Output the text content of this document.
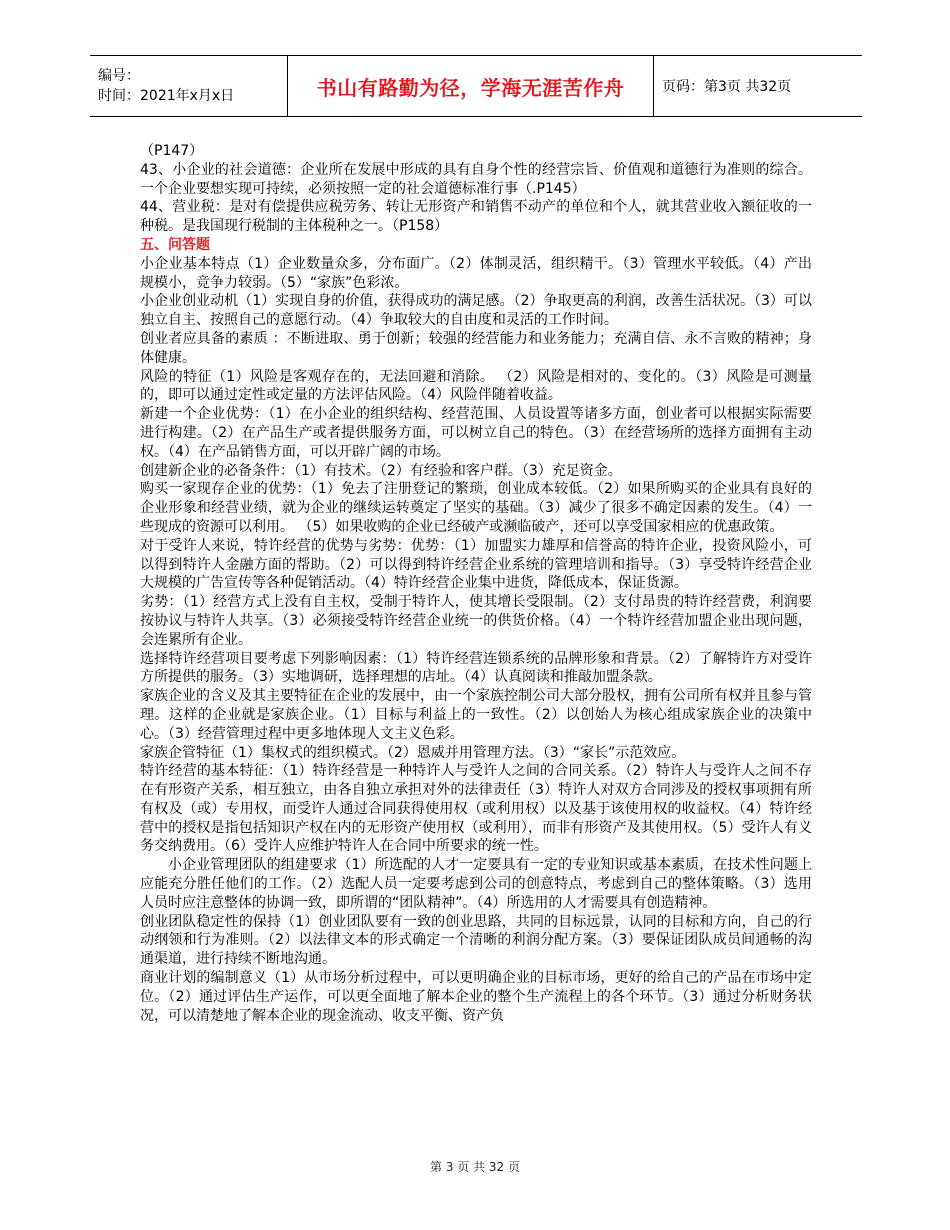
编号：
时间：2021年x月x日	书山有路勤为径，学海无涯苦作舟	页码：第3页 共32页

（P147）

43、小企业的社会道德：企业所在发展中形成的具有自身个性的经营宗旨、价值观和道德行为准则的综合。一个企业要想实现可持续，必须按照一定的社会道德标准行事（.P145）

44、营业税：是对有偿提供应税劳务、转让无形资产和销售不动产的单位和个人，就其营业收入额征收的一种税。是我国现行税制的主体税种之一。（P158）

五、问答题

小企业基本特点（1）企业数量众多，分布面广。（2）体制灵活，组织精干。（3）管理水平较低。（4）产出规模小，竞争力较弱。（5）“家族”色彩浓。

小企业创业动机（1）实现自身的价值，获得成功的满足感。（2）争取更高的利润，改善生活状况。（3）可以独立自主、按照自己的意愿行动。（4）争取较大的自由度和灵活的工作时间。

创业者应具备的素质 ：不断进取、勇于创新；较强的经营能力和业务能力；充满自信、永不言败的精神；身体健康。

风险的特征（1）风险是客观存在的，无法回避和消除。 （2）风险是相对的、变化的。（3）风险是可测量的，即可以通过定性或定量的方法评估风险。（4）风险伴随着收益。

新建一个企业优势：（1）在小企业的组织结构、经营范围、人员设置等诸多方面，创业者可以根据实际需要进行构建。（2）在产品生产或者提供服务方面，可以树立自己的特色。（3）在经营场所的选择方面拥有主动权。（4）在产品销售方面，可以开辟广阔的市场。

创建新企业的必备条件：（1）有技术。（2）有经验和客户群。（3）充足资金。

购买一家现存企业的优势：（1）免去了注册登记的繁琐，创业成本较低。（2）如果所购买的企业具有良好的企业形象和经营业绩，就为企业的继续运转奠定了坚实的基础。（3）减少了很多不确定因素的发生。（4）一些现成的资源可以利用。 （5）如果收购的企业已经破产或濒临破产，还可以享受国家相应的优惠政策。

对于受许人来说，特许经营的优势与劣势：优势：（1）加盟实力雄厚和信誉高的特许企业，投资风险小，可以得到特许人金融方面的帮助。（2）可以得到特许经营企业系统的管理培训和指导。（3）享受特许经营企业大规模的广告宣传等各种促销活动。（4）特许经营企业集中进货，降低成本，保证货源。

劣势：（1）经营方式上没有自主权，受制于特许人，使其增长受限制。（2）支付昂贵的特许经营费，利润要按协议与特许人共享。（3）必须接受特许经营企业统一的供货价格。（4）一个特许经营加盟企业出现问题，会连累所有企业。

选择特许经营项目要考虑下列影响因素：（1）特许经营连锁系统的品牌形象和背景。（2）了解特许方对受许方所提供的服务。（3）实地调研，选择理想的店址。（4）认真阅读和推敲加盟条款。

家族企业的含义及其主要特征在企业的发展中，由一个家族控制公司大部分股权，拥有公司所有权并且参与管理。这样的企业就是家族企业。（1）目标与利益上的一致性。（2）以创始人为核心组成家族企业的决策中心。（3）经营管理过程中更多地体现人文主义色彩。

家族企管特征（1）集权式的组织模式。（2）恩威并用管理方法。（3）“家长”示范效应。

特许经营的基本特征：（1）特许经营是一种特许人与受许人之间的合同关系。（2）特许人与受许人之间不存在有形资产关系，相互独立，由各自独立承担对外的法律责任（3）特许人对双方合同涉及的授权事项拥有所有权及（或）专用权，而受许人通过合同获得使用权（或利用权）以及基于该使用权的收益权。（4）特许经营中的授权是指包括知识产权在内的无形资产使用权（或利用），而非有形资产及其使用权。（5）受许人有义务交纳费用。（6）受许人应维护特许人在合同中所要求的统一性。

小企业管理团队的组建要求（1）所选配的人才一定要具有一定的专业知识或基本素质，在技术性问题上应能充分胜任他们的工作。（2）选配人员一定要考虑到公司的创意特点，考虑到自己的整体策略。（3）选用人员时应注意整体的协调一致，即所谓的“团队精神”。（4）所选用的人才需要具有创造精神。

创业团队稳定性的保持（1）创业团队要有一致的创业思路，共同的目标远景，认同的目标和方向，自己的行动纲领和行为准则。（2）以法律文本的形式确定一个清晰的利润分配方案。（3）要保证团队成员间通畅的沟通渠道，进行持续不断地沟通。

商业计划的编制意义（1）从市场分析过程中，可以更明确企业的目标市场，更好的给自己的产品在市场中定位。（2）通过评估生产运作，可以更全面地了解本企业的整个生产流程上的各个环节。（3）通过分析财务状况，可以清楚地了解本企业的现金流动、收支平衡、资产负

第 3 页 共 32 页
